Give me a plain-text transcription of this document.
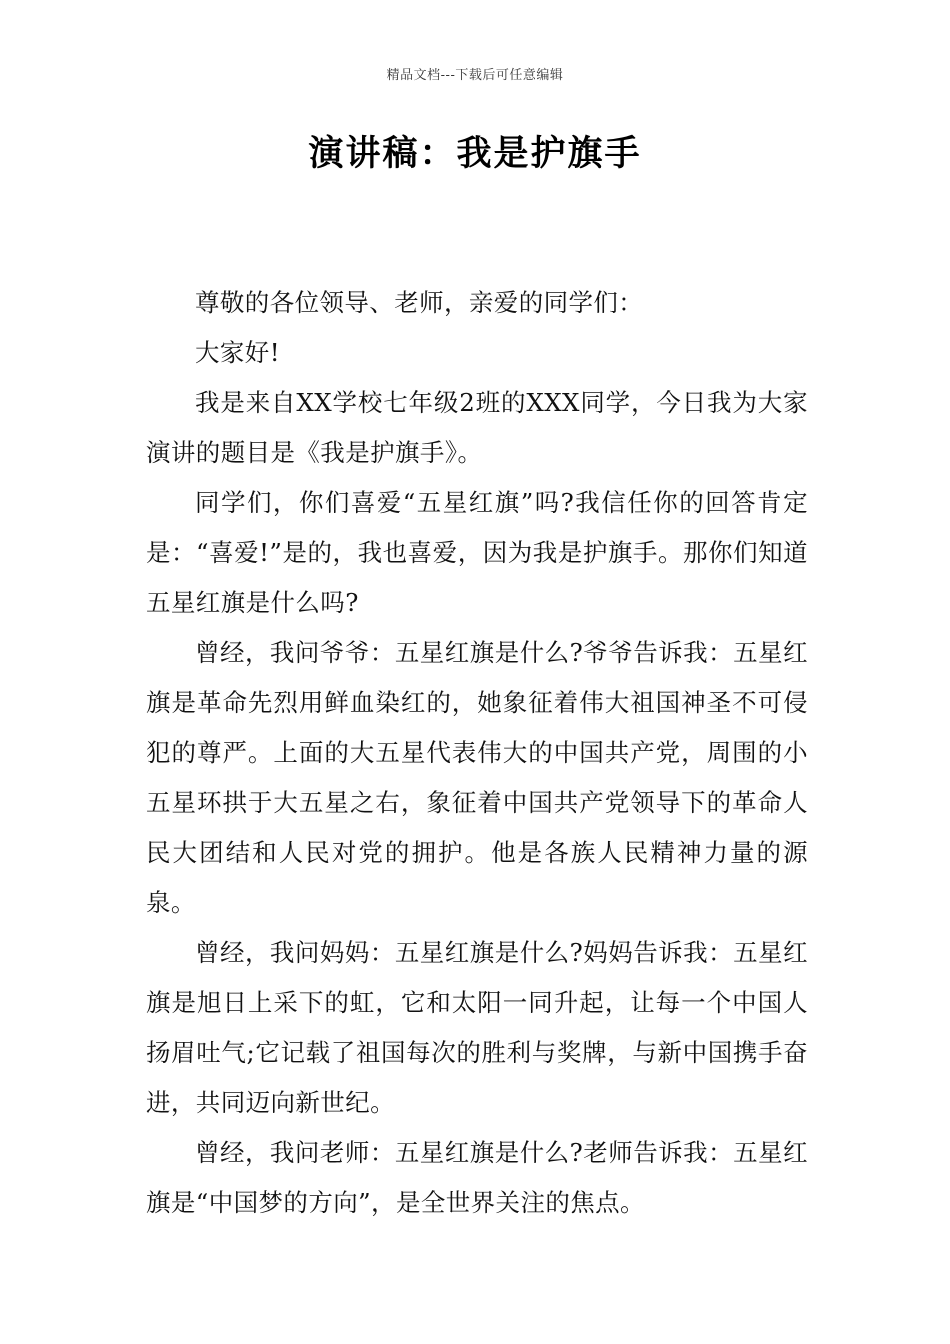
精品文档---下载后可任意编辑
演讲稿：我是护旗手

尊敬的各位领导、老师，亲爱的同学们：

大家好!

我是来自XX学校七年级2班的XXX同学，今日我为大家演讲的题目是《我是护旗手》。

同学们，你们喜爱“五星红旗”吗?我信任你的回答肯定是：“喜爱!”是的，我也喜爱，因为我是护旗手。那你们知道五星红旗是什么吗?

曾经，我问爷爷：五星红旗是什么?爷爷告诉我：五星红旗是革命先烈用鲜血染红的，她象征着伟大祖国神圣不可侵犯的尊严。上面的大五星代表伟大的中国共产党，周围的小五星环拱于大五星之右，象征着中国共产党领导下的革命人民大团结和人民对党的拥护。他是各族人民精神力量的源泉。

曾经，我问妈妈：五星红旗是什么?妈妈告诉我：五星红旗是旭日上采下的虹，它和太阳一同升起，让每一个中国人扬眉吐气;它记载了祖国每次的胜利与奖牌，与新中国携手奋进，共同迈向新世纪。

曾经，我问老师：五星红旗是什么?老师告诉我：五星红旗是“中国梦的方向”，是全世界关注的焦点。
